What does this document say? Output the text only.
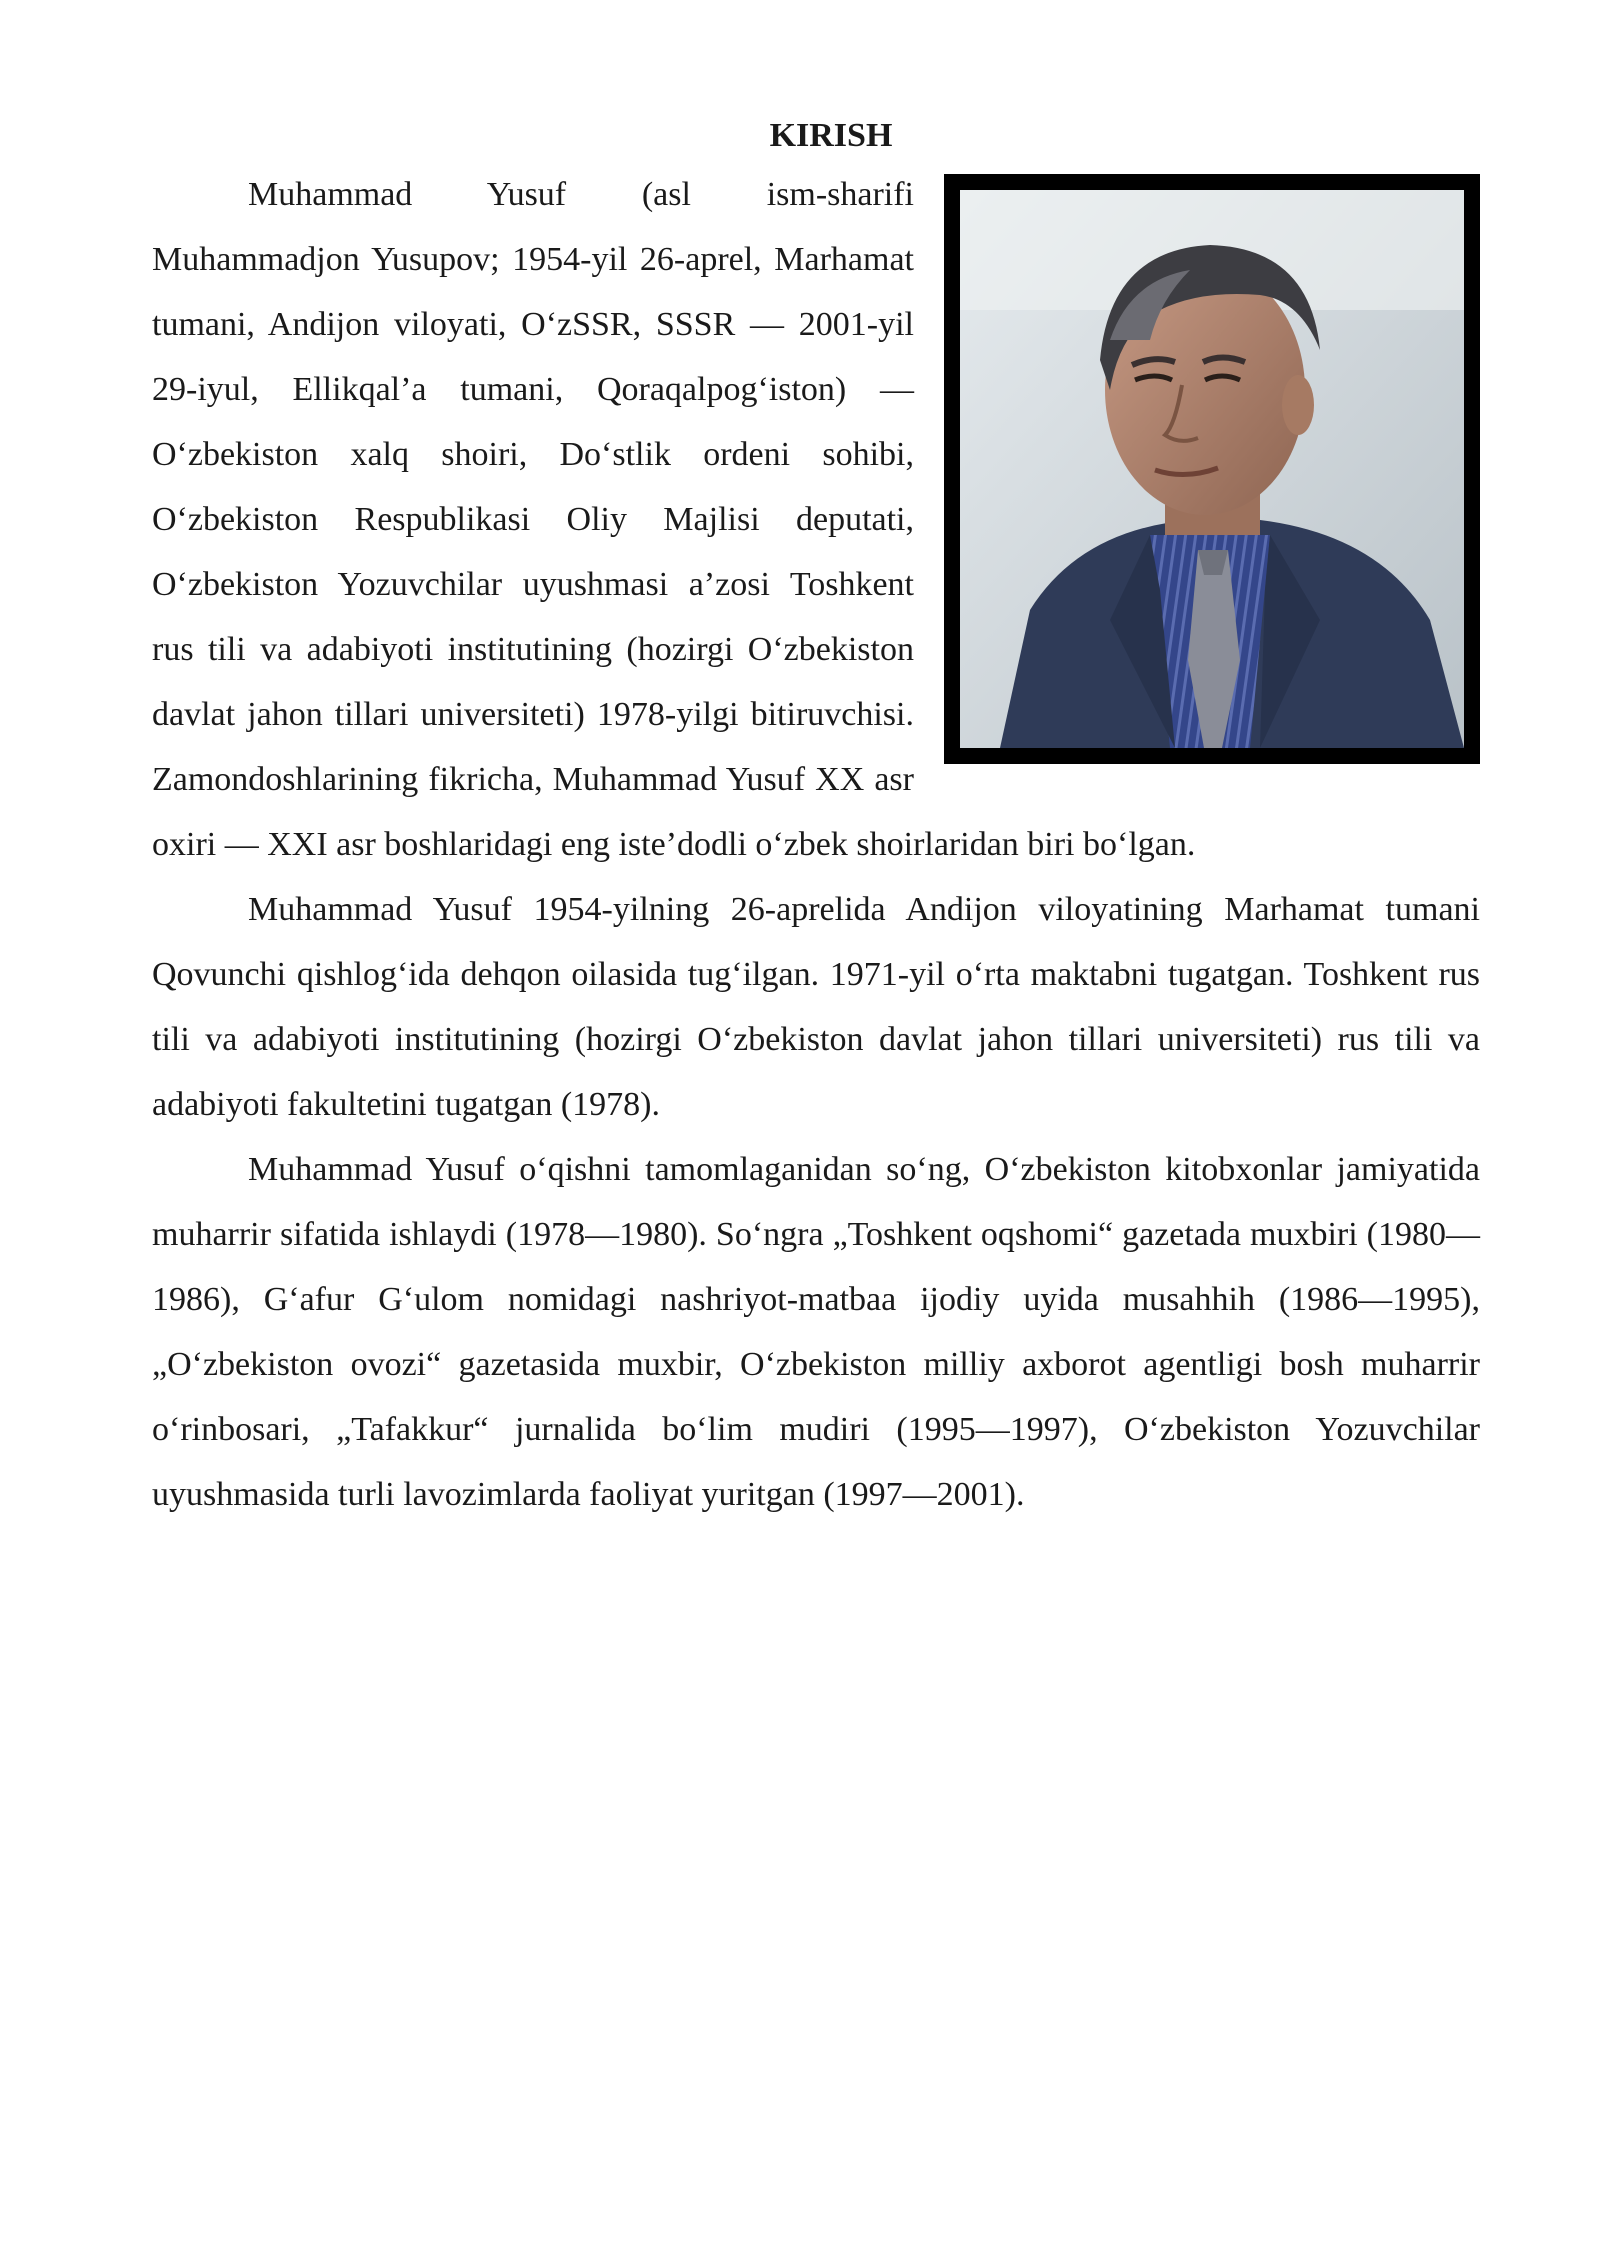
KIRISH

Muhammad Yusuf (asl ism-sharifi Muhammadjon Yusupov; 1954-yil 26-aprel, Marhamat tumani, Andijon viloyati, O‘zSSR, SSSR — 2001-yil 29-iyul, Ellikqal’a tumani, Qoraqalpog‘iston) — O‘zbekiston xalq shoiri, Do‘stlik ordeni sohibi, O‘zbekiston Respublikasi Oliy Majlisi deputati, O‘zbekiston Yozuvchilar uyushmasi a’zosi Toshkent rus tili va adabiyoti institutining (hozirgi O‘zbekiston davlat jahon tillari universiteti) 1978-yilgi bitiruvchisi. Zamondoshlarining fikricha, Muhammad Yusuf XX asr oxiri — XXI asr boshlaridagi eng iste’dodli o‘zbek shoirlaridan biri bo‘lgan.

Muhammad Yusuf 1954-yilning 26-aprelida Andijon viloyatining Marhamat tumani Qovunchi qishlog‘ida dehqon oilasida tug‘ilgan. 1971-yil o‘rta maktabni tugatgan. Toshkent rus tili va adabiyoti institutining (hozirgi O‘zbekiston davlat jahon tillari universiteti) rus tili va adabiyoti fakultetini tugatgan (1978).

Muhammad Yusuf o‘qishni tamomlaganidan so‘ng, O‘zbekiston kitobxonlar jamiyatida muharrir sifatida ishlaydi (1978—1980). So‘ngra „Toshkent oqshomi“ gazetada muxbiri (1980—1986), G‘afur G‘ulom nomidagi nashriyot-matbaa ijodiy uyida musahhih (1986—1995), „O‘zbekiston ovozi“ gazetasida muxbir, O‘zbekiston milliy axborot agentligi bosh muharrir o‘rinbosari, „Tafakkur“ jurnalida bo‘lim mudiri (1995—1997), O‘zbekiston Yozuvchilar uyushmasida turli lavozimlarda faoliyat yuritgan (1997—2001).
